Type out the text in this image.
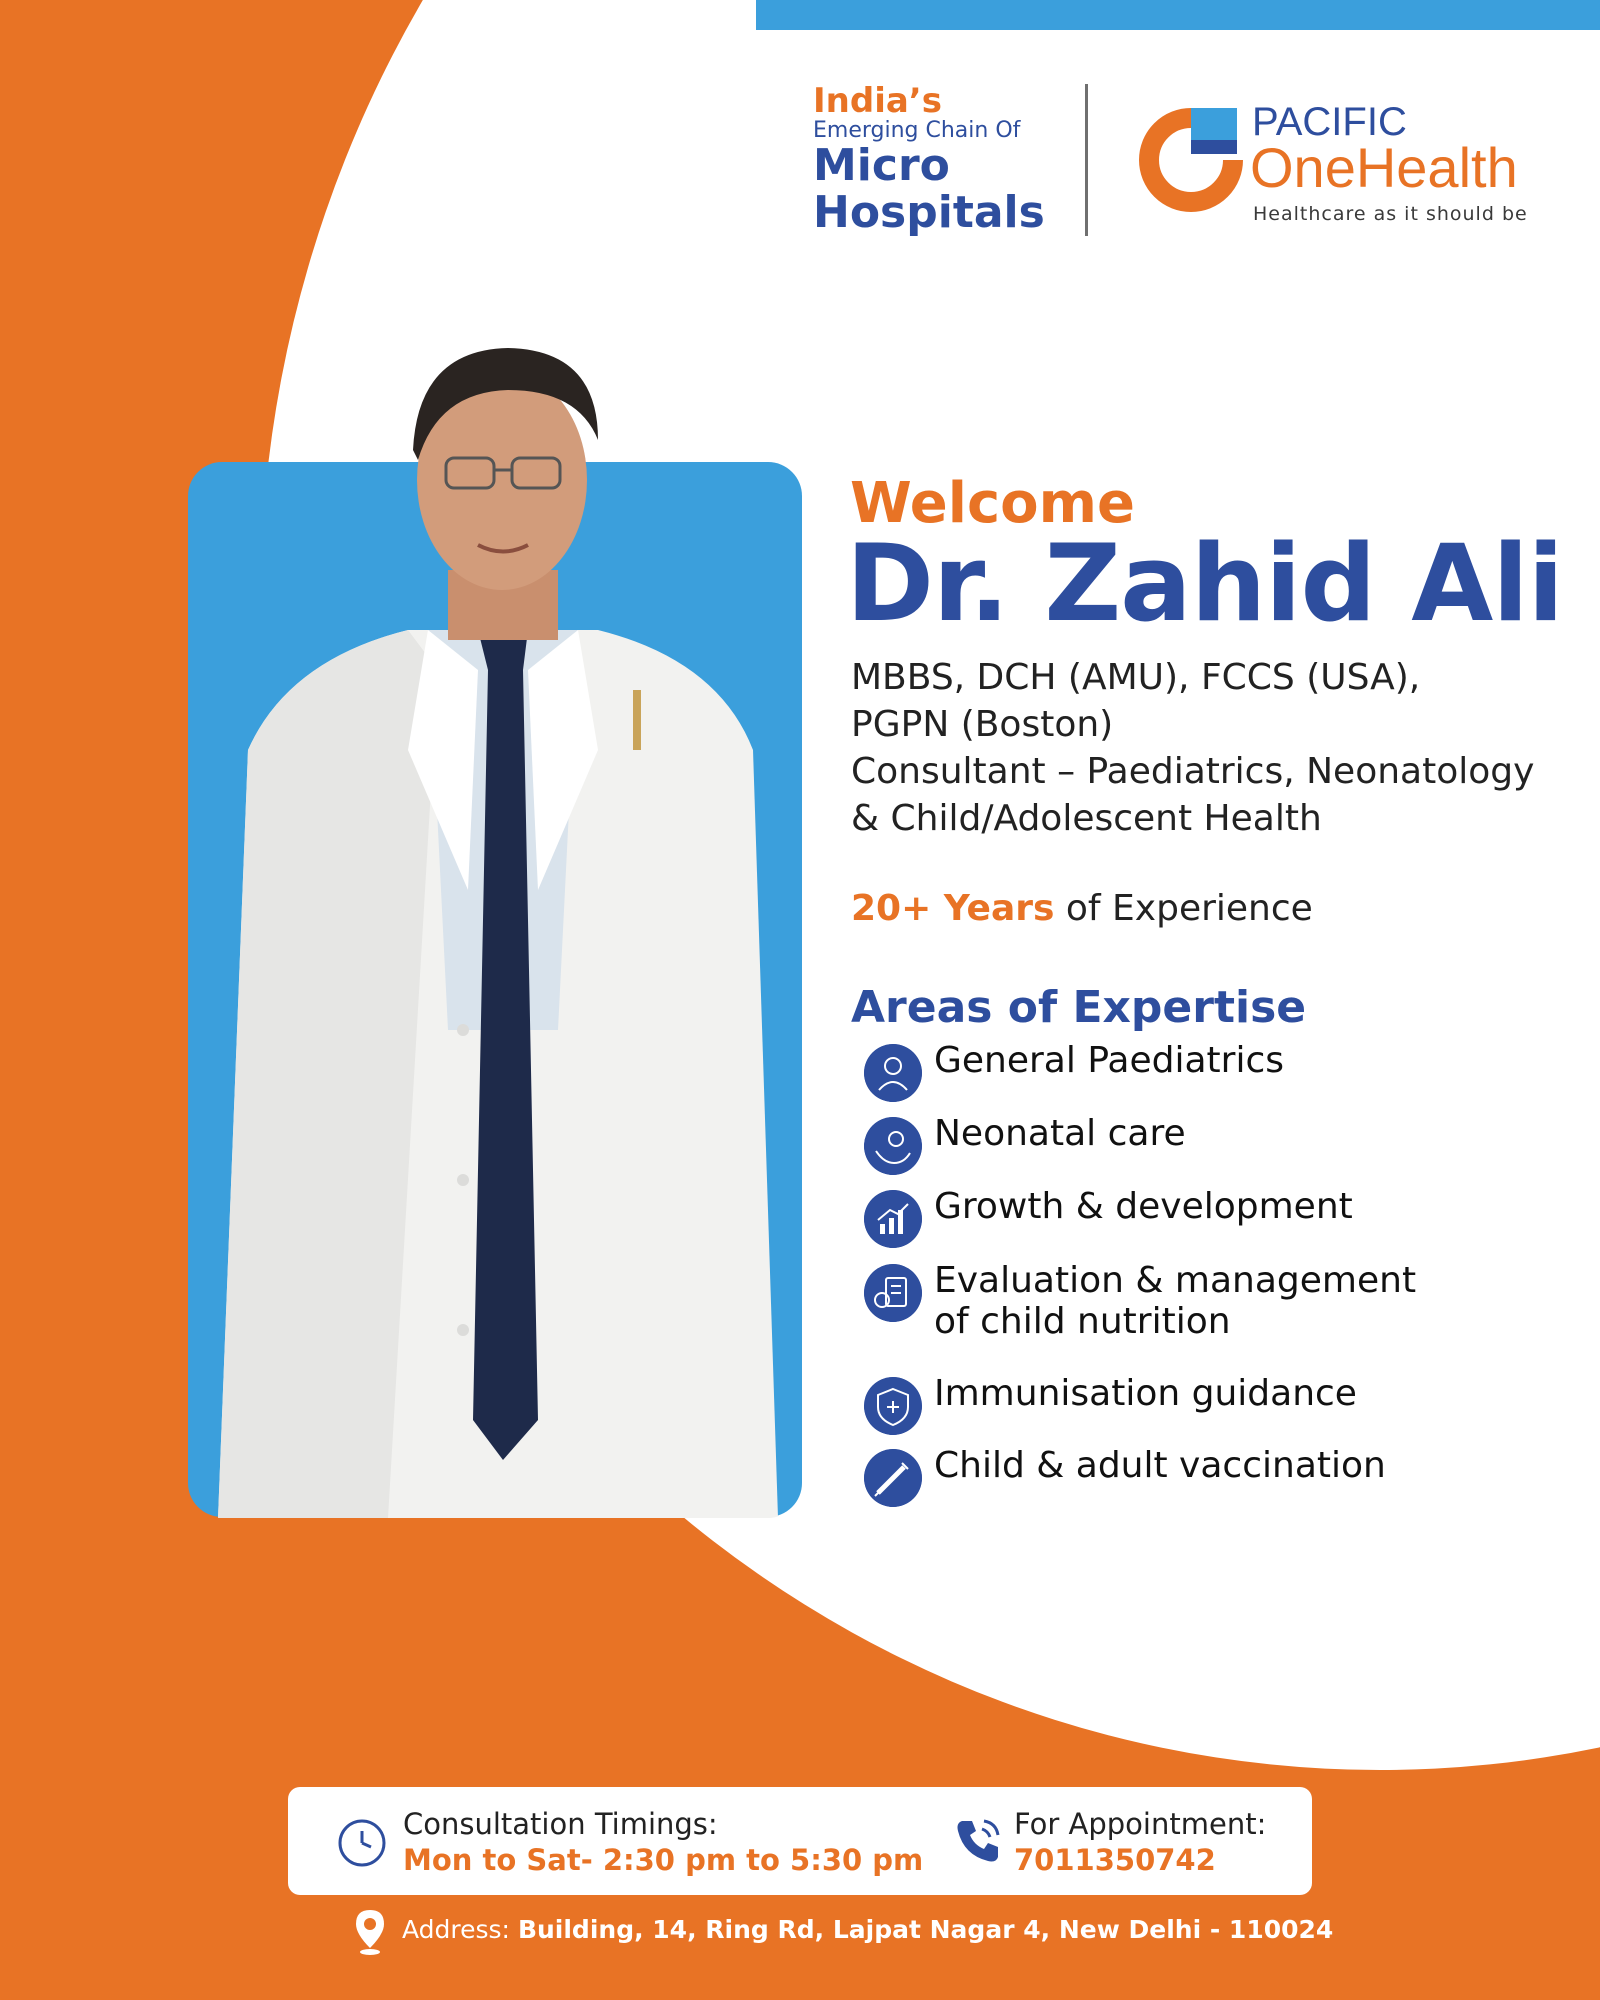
India’s
Emerging Chain Of
Micro
Hospitals
PACIFIC
OneHealth
Healthcare as it should be
Welcome
Dr. Zahid Ali
MBBS, DCH (AMU), FCCS (USA),
PGPN (Boston)
Consultant – Paediatrics, Neonatology
& Child/Adolescent Health
20+ Years of Experience
Areas of Expertise
General Paediatrics
Neonatal care
Growth & development
Evaluation & management
of child nutrition
Immunisation guidance
Child & adult vaccination
Consultation Timings:
Mon to Sat- 2:30 pm to 5:30 pm
For Appointment:
7011350742
Address: Building, 14, Ring Rd, Lajpat Nagar 4, New Delhi - 110024
